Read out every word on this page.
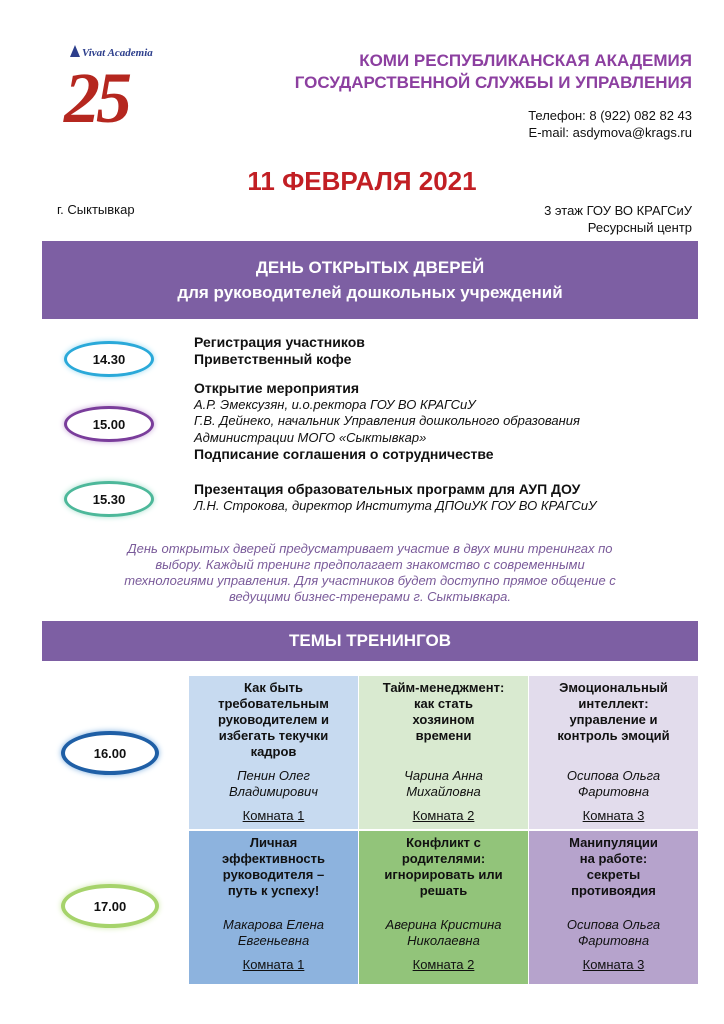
Vivat Academia
25	КОМИ РЕСПУБЛИКАНСКАЯ АКАДЕМИЯ
ГОСУДАРСТВЕННОЙ СЛУЖБЫ И УПРАВЛЕНИЯ
Телефон: 8 (922) 082 82 43
E-mail: asdymova@krags.ru
11 ФЕВРАЛЯ 2021
г. Сыктывкар	3 этаж ГОУ ВО КРАГСиУ
Ресурсный центр
ДЕНЬ ОТКРЫТЫХ ДВЕРЕЙ
для руководителей дошкольных учреждений
14.30
Регистрация участников
Приветственный кофе
15.00
Открытие мероприятия
А.Р. Эмексузян, и.о.ректора ГОУ ВО КРАГСиУ
Г.В. Дейнеко, начальник Управления дошкольного образования
Администрации МОГО «Сыктывкар»
Подписание соглашения о сотрудничестве
15.30
Презентация образовательных программ для АУП ДОУ
Л.Н. Строкова, директор Института ДПОиУК ГОУ ВО КРАГСиУ
День открытых дверей предусматривает участие в двух мини тренингах по
выбору. Каждый тренинг предполагает знакомство с современными
технологиями управления. Для участников будет доступно прямое общение с
ведущими бизнес-тренерами г. Сыктывкара.
ТЕМЫ ТРЕНИНГОВ
16.00
17.00
Как быть
требовательным
руководителем и
избегать текучки
кадров
Пенин Олег
Владимирович
Комната 1
Тайм-менеджмент:
как стать
хозяином
времени

Чарина Анна
Михайловна
Комната 2
Эмоциональный
интеллект:
управление и
контроль эмоций

Осипова Ольга
Фаритовна
Комната 3
Личная
эффективность
руководителя –
путь к успеху!
Макарова Елена
Евгеньевна
Комната 1
Конфликт с
родителями:
игнорировать или
решать
Аверина Кристина
Николаевна
Комната 2
Манипуляции
на работе:
секреты
противоядия
Осипова Ольга
Фаритовна
Комната 3
